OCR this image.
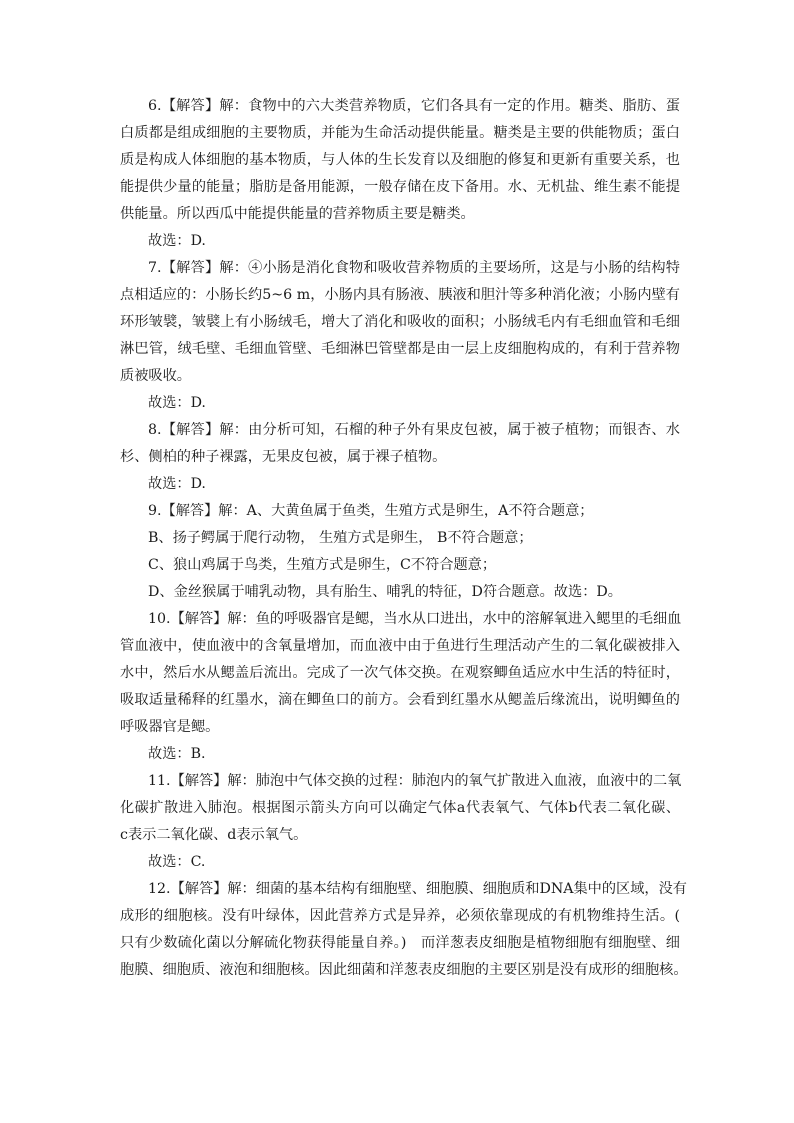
6.【解答】解：食物中的六大类营养物质，它们各具有一定的作用。糖类、脂肪、蛋
白质都是组成细胞的主要物质，并能为生命活动提供能量。糖类是主要的供能物质；蛋白
质是构成人体细胞的基本物质，与人体的生长发育以及细胞的修复和更新有重要关系，也
能提供少量的能量；脂肪是备用能源，一般存储在皮下备用。水、无机盐、维生素不能提
供能量。所以西瓜中能提供能量的营养物质主要是糖类。
故选：D.
7.【解答】解：④小肠是消化食物和吸收营养物质的主要场所，这是与小肠的结构特
点相适应的：小肠长约5~6 m，小肠内具有肠液、胰液和胆汁等多种消化液；小肠内壁有
环形皱襞，皱襞上有小肠绒毛，增大了消化和吸收的面积；小肠绒毛内有毛细血管和毛细
淋巴管，绒毛壁、毛细血管壁、毛细淋巴管壁都是由一层上皮细胞构成的，有利于营养物
质被吸收。
故选：D.
8.【解答】解：由分析可知，石榴的种子外有果皮包被，属于被子植物；而银杏、水
杉、侧柏的种子裸露，无果皮包被，属于裸子植物。
故选：D.
9.【解答】解：A、大黄鱼属于鱼类，生殖方式是卵生，A不符合题意；
B、扬子鳄属于爬行动物， 生殖方式是卵生， B不符合题意；
C、狼山鸡属于鸟类，生殖方式是卵生，C不符合题意；
D、金丝猴属于哺乳动物，具有胎生、哺乳的特征，D符合题意。故选：D。
10.【解答】解：鱼的呼吸器官是鳃，当水从口进出，水中的溶解氧进入鳃里的毛细血
管血液中，使血液中的含氧量增加，而血液中由于鱼进行生理活动产生的二氧化碳被排入
水中，然后水从鳃盖后流出。完成了一次气体交换。在观察鲫鱼适应水中生活的特征时，
吸取适量稀释的红墨水，滴在鲫鱼口的前方。会看到红墨水从鳃盖后缘流出，说明鲫鱼的
呼吸器官是鳃。
故选：B.
11.【解答】解：肺泡中气体交换的过程：肺泡内的氧气扩散进入血液，血液中的二氧
化碳扩散进入肺泡。根据图示箭头方向可以确定气体a代表氧气、气体b代表二氧化碳、
c表示二氧化碳、d表示氧气。
故选：C.
12.【解答】解：细菌的基本结构有细胞壁、细胞膜、细胞质和DNA集中的区域，没有
成形的细胞核。没有叶绿体，因此营养方式是异养，必须依靠现成的有机物维持生活。(
只有少数硫化菌以分解硫化物获得能量自养。)　而洋葱表皮细胞是植物细胞有细胞壁、细
胞膜、细胞质、液泡和细胞核。因此细菌和洋葱表皮细胞的主要区别是没有成形的细胞核。
